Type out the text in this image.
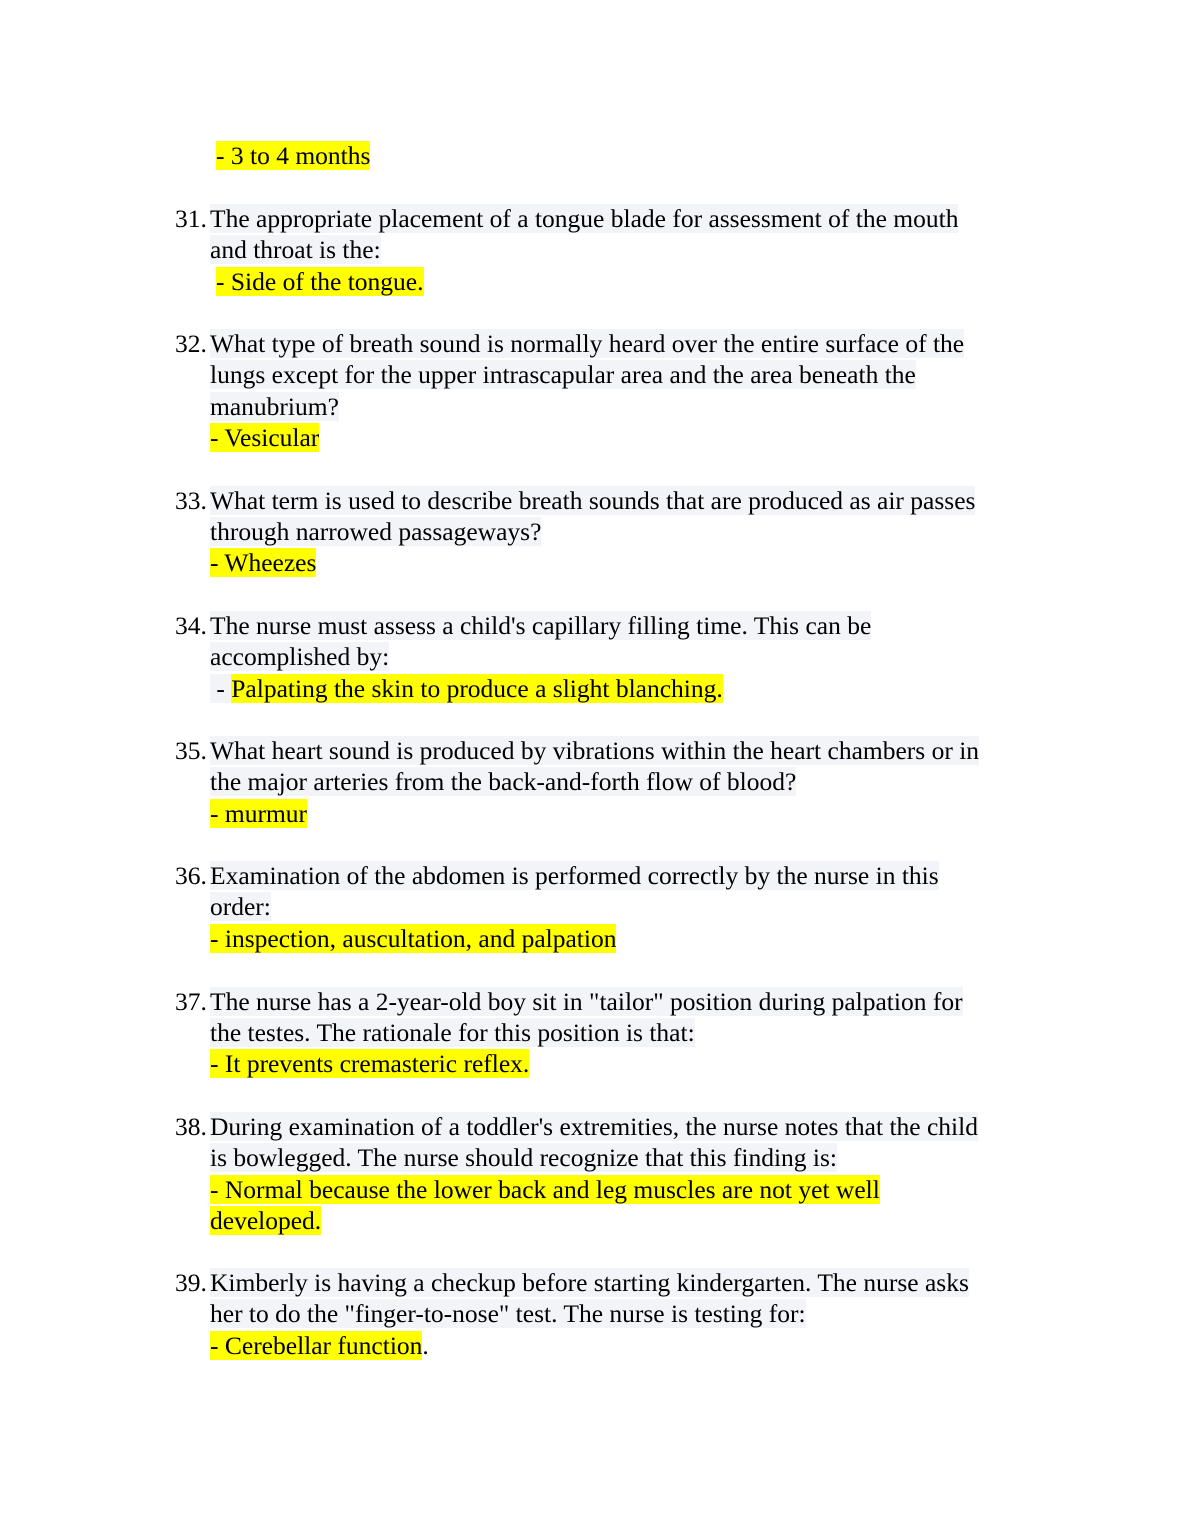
- 3 to 4 months
31. The appropriate placement of a tongue blade for assessment of the mouth
and throat is the:
- Side of the tongue.
32. What type of breath sound is normally heard over the entire surface of the
lungs except for the upper intrascapular area and the area beneath the
manubrium?
- Vesicular
33. What term is used to describe breath sounds that are produced as air passes
through narrowed passageways?
- Wheezes
34. The nurse must assess a child's capillary filling time. This can be
accomplished by:
- Palpating the skin to produce a slight blanching.
35. What heart sound is produced by vibrations within the heart chambers or in
the major arteries from the back-and-forth flow of blood?
- murmur
36. Examination of the abdomen is performed correctly by the nurse in this
order:
- inspection, auscultation, and palpation
37. The nurse has a 2-year-old boy sit in "tailor" position during palpation for
the testes. The rationale for this position is that:
- It prevents cremasteric reflex.
38. During examination of a toddler's extremities, the nurse notes that the child
is bowlegged. The nurse should recognize that this finding is:
- Normal because the lower back and leg muscles are not yet well
developed.
39. Kimberly is having a checkup before starting kindergarten. The nurse asks
her to do the "finger-to-nose" test. The nurse is testing for:
- Cerebellar function.
